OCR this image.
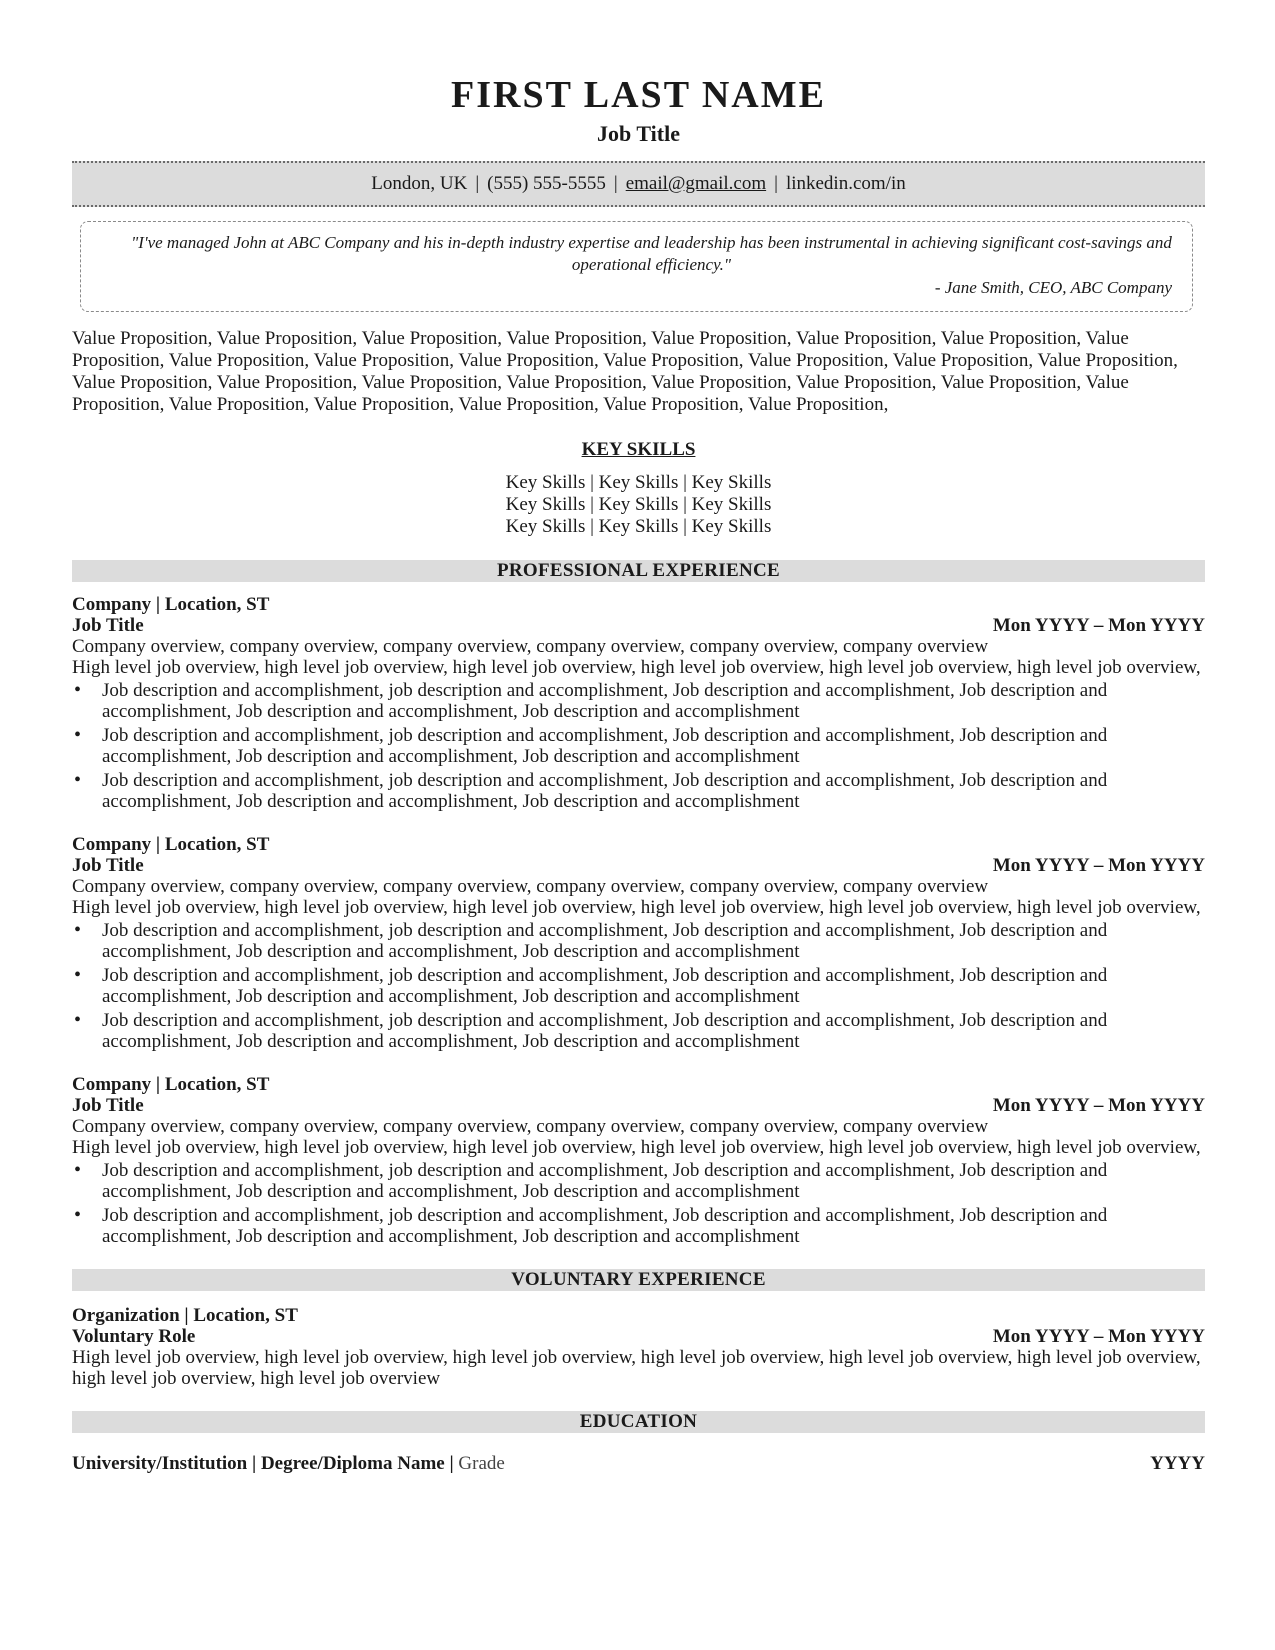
FIRST LAST NAME
Job Title
London, UK | (555) 555-5555 | email@gmail.com | linkedin.com/in
"I've managed John at ABC Company and his in-depth industry expertise and leadership has been instrumental in achieving significant cost-savings and operational efficiency."
- Jane Smith, CEO, ABC Company
Value Proposition, Value Proposition, Value Proposition, Value Proposition, Value Proposition, Value Proposition, Value Proposition, Value Proposition, Value Proposition, Value Proposition, Value Proposition, Value Proposition, Value Proposition, Value Proposition, Value Proposition, Value Proposition, Value Proposition, Value Proposition, Value Proposition, Value Proposition, Value Proposition, Value Proposition, Value Proposition, Value Proposition, Value Proposition, Value Proposition, Value Proposition, Value Proposition,
KEY SKILLS
Key Skills | Key Skills | Key Skills
Key Skills | Key Skills | Key Skills
Key Skills | Key Skills | Key Skills
PROFESSIONAL EXPERIENCE
Company | Location, ST
Job Title	Mon YYYY – Mon YYYY
Company overview, company overview, company overview, company overview, company overview, company overview
High level job overview, high level job overview, high level job overview, high level job overview, high level job overview, high level job overview,
• Job description and accomplishment, job description and accomplishment, Job description and accomplishment, Job description and accomplishment, Job description and accomplishment, Job description and accomplishment
• Job description and accomplishment, job description and accomplishment, Job description and accomplishment, Job description and accomplishment, Job description and accomplishment, Job description and accomplishment
• Job description and accomplishment, job description and accomplishment, Job description and accomplishment, Job description and accomplishment, Job description and accomplishment, Job description and accomplishment
Company | Location, ST
Job Title	Mon YYYY – Mon YYYY
Company overview, company overview, company overview, company overview, company overview, company overview
High level job overview, high level job overview, high level job overview, high level job overview, high level job overview, high level job overview,
• Job description and accomplishment, job description and accomplishment, Job description and accomplishment, Job description and accomplishment, Job description and accomplishment, Job description and accomplishment
• Job description and accomplishment, job description and accomplishment, Job description and accomplishment, Job description and accomplishment, Job description and accomplishment, Job description and accomplishment
• Job description and accomplishment, job description and accomplishment, Job description and accomplishment, Job description and accomplishment, Job description and accomplishment, Job description and accomplishment
Company | Location, ST
Job Title	Mon YYYY – Mon YYYY
Company overview, company overview, company overview, company overview, company overview, company overview
High level job overview, high level job overview, high level job overview, high level job overview, high level job overview, high level job overview,
• Job description and accomplishment, job description and accomplishment, Job description and accomplishment, Job description and accomplishment, Job description and accomplishment, Job description and accomplishment
• Job description and accomplishment, job description and accomplishment, Job description and accomplishment, Job description and accomplishment, Job description and accomplishment, Job description and accomplishment
VOLUNTARY EXPERIENCE
Organization | Location, ST
Voluntary Role	Mon YYYY – Mon YYYY
High level job overview, high level job overview, high level job overview, high level job overview, high level job overview, high level job overview, high level job overview, high level job overview
EDUCATION
University/Institution | Degree/Diploma Name | Grade	YYYY
